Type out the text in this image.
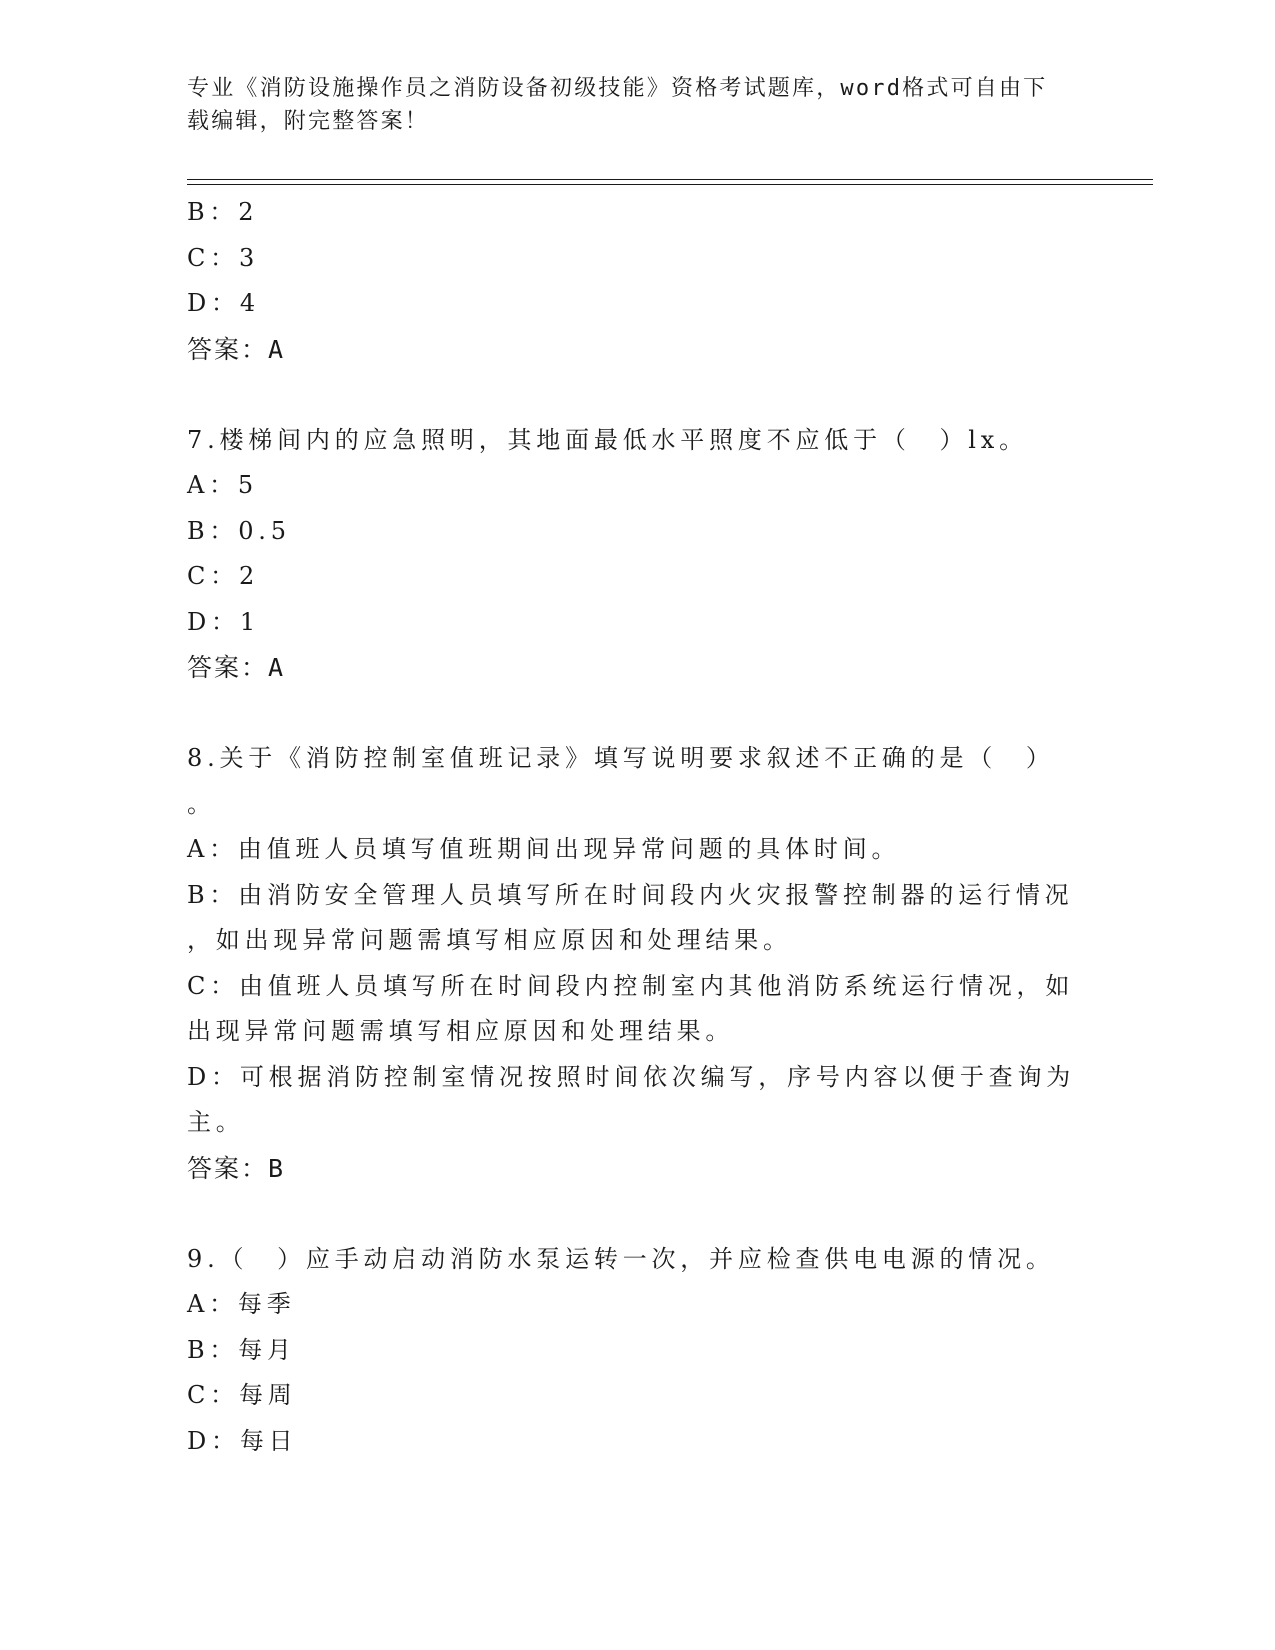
专业《消防设施操作员之消防设备初级技能》资格考试题库，word格式可自由下
载编辑，附完整答案！
B：2
C：3
D：4
答案：A
7.楼梯间内的应急照明，其地面最低水平照度不应低于（　）lx。
A：5
B：0.5
C：2
D：1
答案：A
8.关于《消防控制室值班记录》填写说明要求叙述不正确的是（　）
。
A：由值班人员填写值班期间出现异常问题的具体时间。
B：由消防安全管理人员填写所在时间段内火灾报警控制器的运行情况
，如出现异常问题需填写相应原因和处理结果。
C：由值班人员填写所在时间段内控制室内其他消防系统运行情况，如
出现异常问题需填写相应原因和处理结果。
D：可根据消防控制室情况按照时间依次编写，序号内容以便于查询为
主。
答案：B
9.（　）应手动启动消防水泵运转一次，并应检查供电电源的情况。
A：每季
B：每月
C：每周
D：每日
